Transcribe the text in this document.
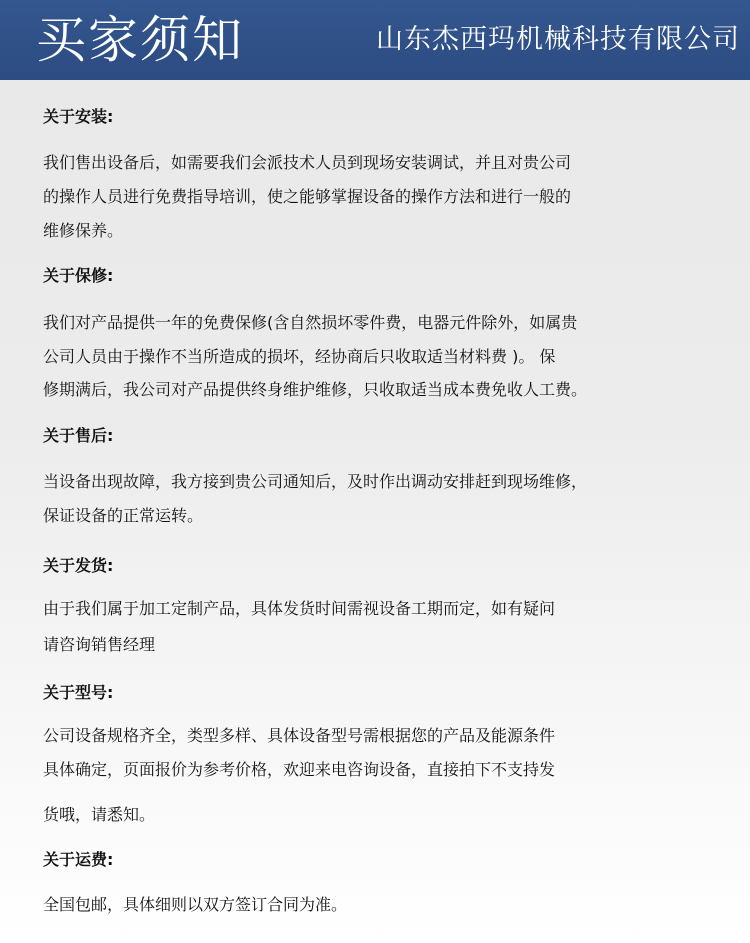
买家须知	山东杰西玛机械科技有限公司

关于安装:

我们售出设备后，如需要我们会派技术人员到现场安装调试，并且对贵公司

的操作人员进行免费指导培训，使之能够掌握设备的操作方法和进行一般的

维修保养。

关于保修:

我们对产品提供一年的免费保修(含自然损坏零件费，电器元件除外，如属贵

公司人员由于操作不当所造成的损坏，经协商后只收取适当材料费 )。 保

修期满后，我公司对产品提供终身维护维修，只收取适当成本费免收人工费。

关于售后:

当设备出现故障，我方接到贵公司通知后，及时作出调动安排赶到现场维修，

保证设备的正常运转。

关于发货:

由于我们属于加工定制产品，具体发货时间需视设备工期而定，如有疑问

请咨询销售经理

关于型号:

公司设备规格齐全，类型多样、具体设备型号需根据您的产品及能源条件

具体确定，页面报价为参考价格，欢迎来电咨询设备，直接拍下不支持发

货哦，请悉知。

关于运费:

全国包邮，具体细则以双方签订合同为准。
